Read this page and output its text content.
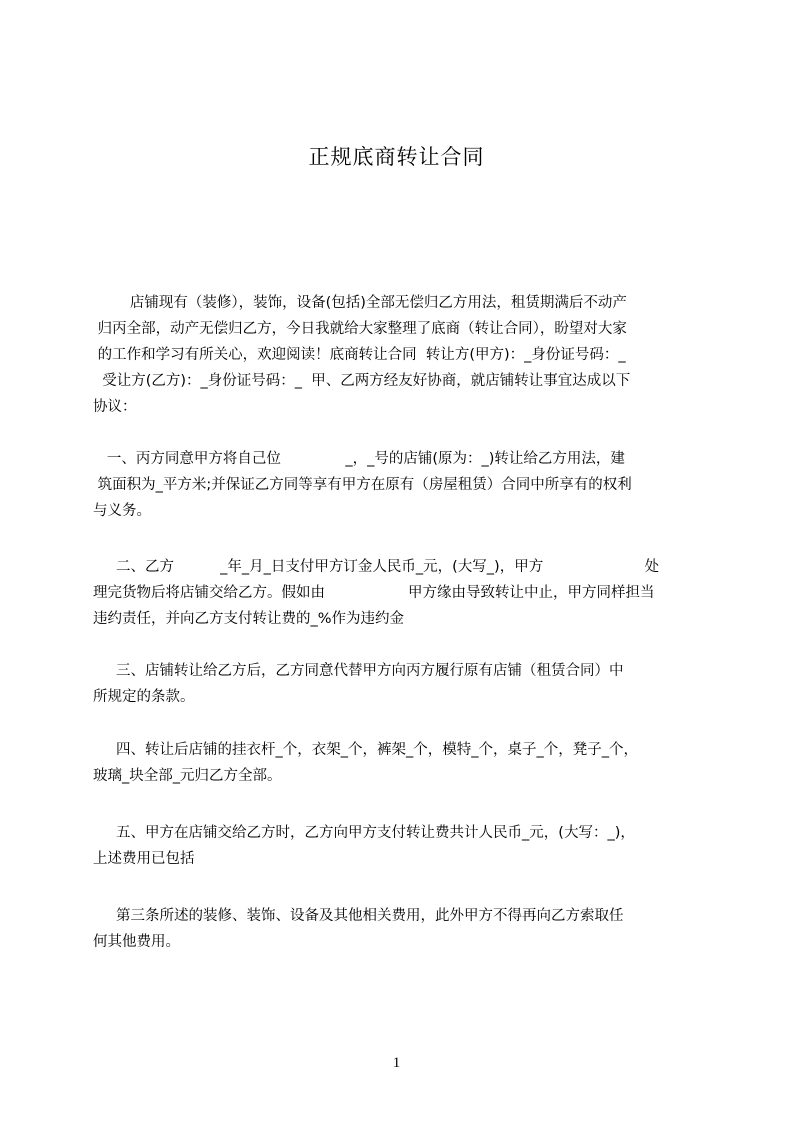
正规底商转让合同
店铺现有（装修），装饰，设备(包括)全部无偿归乙方用法，租赁期满后不动产
归丙全部，动产无偿归乙方，今日我就给大家整理了底商（转让合同），盼望对大家
的工作和学习有所关心，欢迎阅读！底商转让合同  转让方(甲方)：_身份证号码：_
受让方(乙方)：_身份证号码：_  甲、乙两方经友好协商，就店铺转让事宜达成以下
协议：
一、丙方同意甲方将自己位              _，_号的店铺(原为：_)转让给乙方用法，建
筑面积为_平方米;并保证乙方同等享有甲方在原有（房屋租赁）合同中所享有的权利
与义务。
二、乙方          _年_月_日支付甲方订金人民币_元，(大写_)，甲方                      处
理完货物后将店铺交给乙方。假如由                  甲方缘由导致转让中止，甲方同样担当
违约责任，并向乙方支付转让费的_%作为违约金
三、店铺转让给乙方后，乙方同意代替甲方向丙方履行原有店铺（租赁合同）中
所规定的条款。
四、转让后店铺的挂衣杆_个，衣架_个，裤架_个，模特_个，桌子_个，凳子_个，
玻璃_块全部_元归乙方全部。
五、甲方在店铺交给乙方时，乙方向甲方支付转让费共计人民币_元，(大写：_)，
上述费用已包括
第三条所述的装修、装饰、设备及其他相关费用，此外甲方不得再向乙方索取任
何其他费用。
1
